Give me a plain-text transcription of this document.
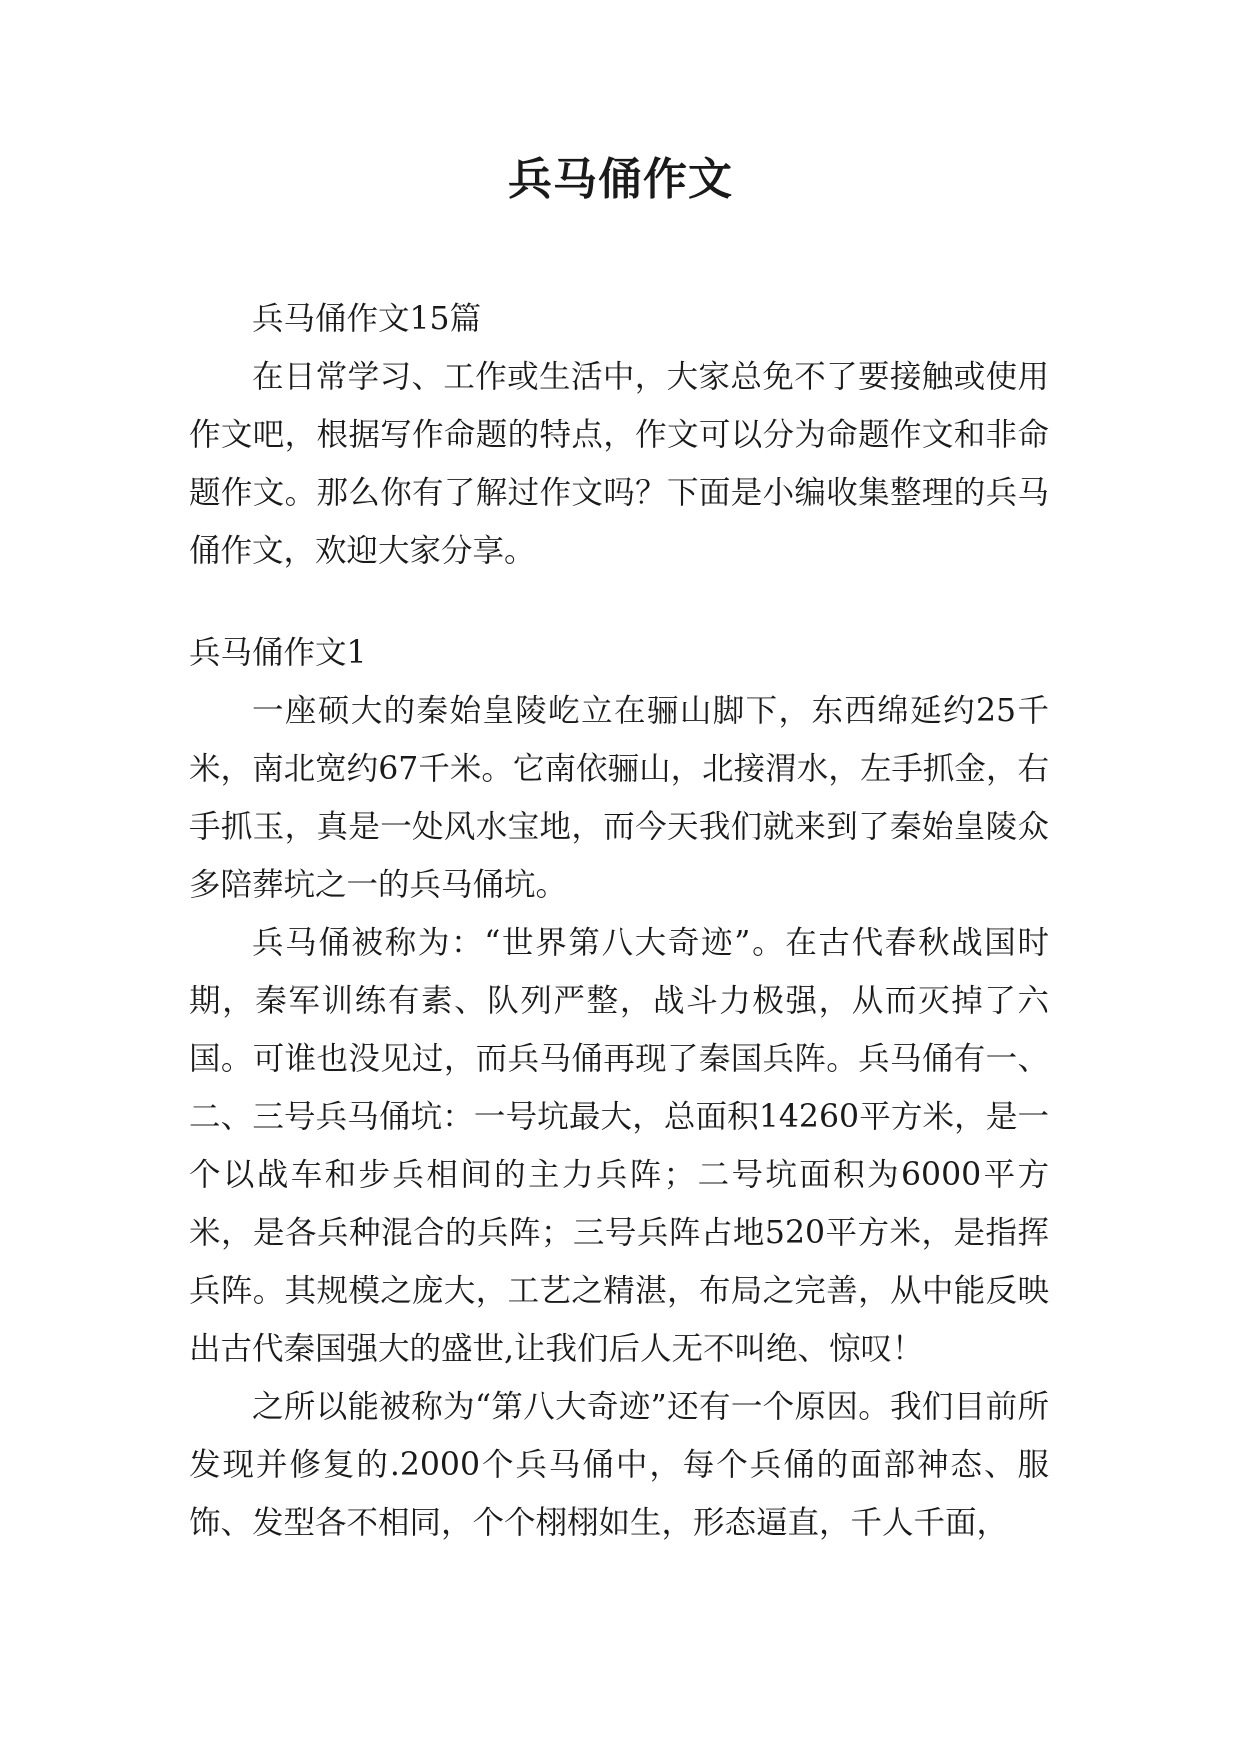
兵马俑作文

兵马俑作文15篇

在日常学习、工作或生活中，大家总免不了要接触或使用作文吧，根据写作命题的特点，作文可以分为命题作文和非命题作文。那么你有了解过作文吗？下面是小编收集整理的兵马俑作文，欢迎大家分享。

兵马俑作文1

一座硕大的秦始皇陵屹立在骊山脚下，东西绵延约25千米，南北宽约67千米。它南依骊山，北接渭水，左手抓金，右手抓玉，真是一处风水宝地，而今天我们就来到了秦始皇陵众多陪葬坑之一的兵马俑坑。

兵马俑被称为：“世界第八大奇迹”。在古代春秋战国时期，秦军训练有素、队列严整，战斗力极强，从而灭掉了六国。可谁也没见过，而兵马俑再现了秦国兵阵。兵马俑有一、二、三号兵马俑坑：一号坑最大，总面积14260平方米，是一个以战车和步兵相间的主力兵阵；二号坑面积为6000平方米，是各兵种混合的兵阵；三号兵阵占地520平方米，是指挥兵阵。其规模之庞大，工艺之精湛，布局之完善，从中能反映出古代秦国强大的盛世,让我们后人无不叫绝、惊叹！

之所以能被称为“第八大奇迹”还有一个原因。我们目前所发现并修复的.2000个兵马俑中，每个兵俑的面部神态、服饰、发型各不相同，个个栩栩如生，形态逼直，千人千面，
